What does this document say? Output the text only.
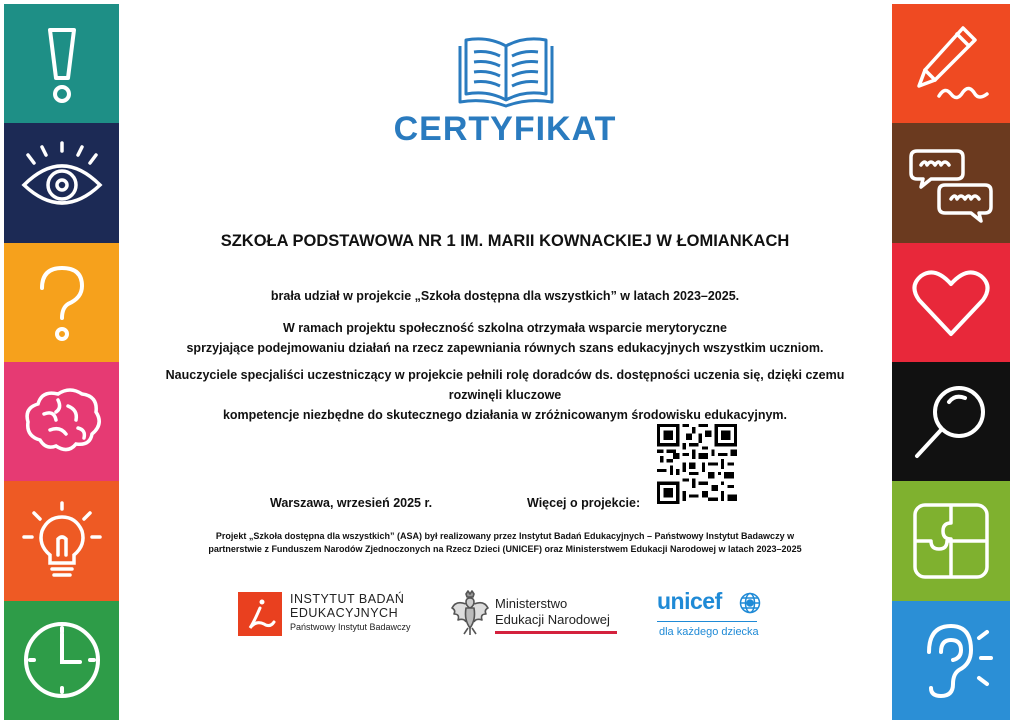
CERTYFIKAT
SZKOŁA PODSTAWOWA NR 1 IM. MARII KOWNACKIEJ W ŁOMIANKACH
brała udział w projekcie „Szkoła dostępna dla wszystkich” w latach 2023–2025.
W ramach projektu społeczność szkolna otrzymała wsparcie merytoryczne
sprzyjające podejmowaniu działań na rzecz zapewniania równych szans edukacyjnych wszystkim uczniom.
Nauczyciele specjaliści uczestniczący w projekcie pełnili rolę doradców ds. dostępności uczenia się, dzięki czemu rozwinęli kluczowe
kompetencje niezbędne do skutecznego działania w zróżnicowanym środowisku edukacyjnym.
Warszawa, wrzesień 2025 r.	Więcej o projekcie:
Projekt „Szkoła dostępna dla wszystkich” (ASA) był realizowany przez Instytut Badań Edukacyjnych – Państwowy Instytut Badawczy w
partnerstwie z Funduszem Narodów Zjednoczonych na Rzecz Dzieci (UNICEF) oraz Ministerstwem Edukacji Narodowej w latach 2023–2025
INSTYTUT BADAŃ
EDUKACYJNYCH
Państwowy Instytut Badawczy
Ministerstwo
Edukacji Narodowej
unicef
dla każdego dziecka
